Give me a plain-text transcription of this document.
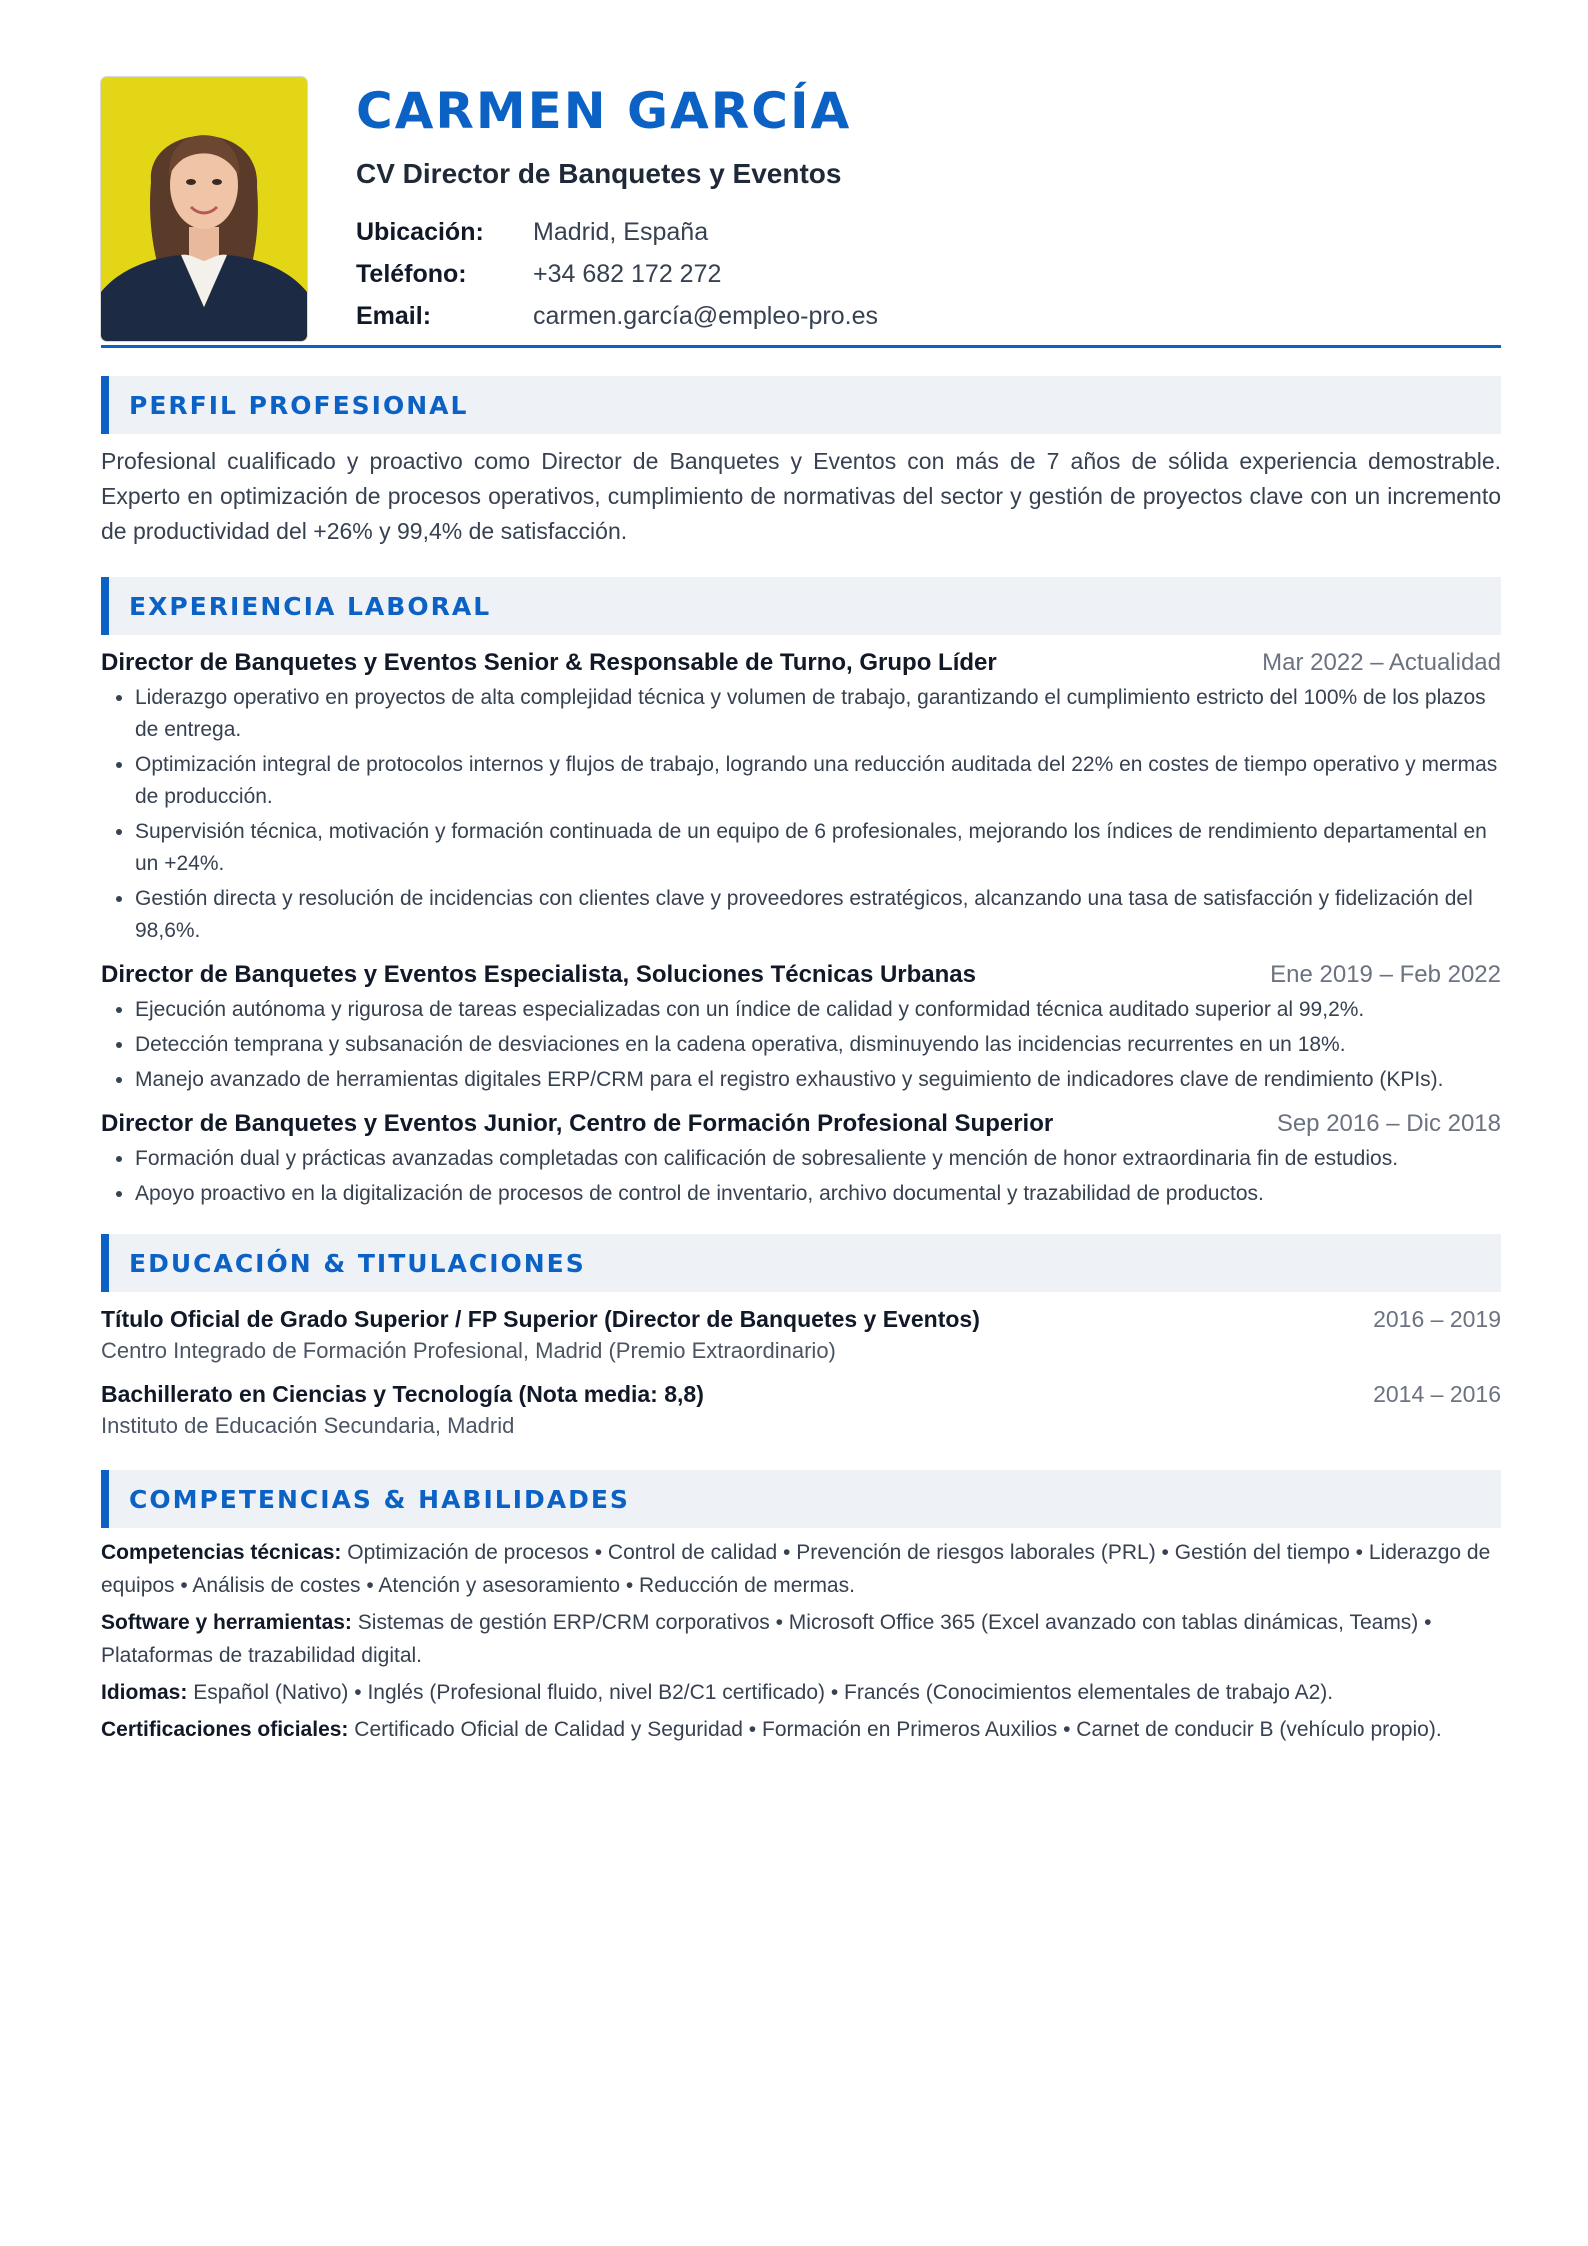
CARMEN GARCÍA
CV Director de Banquetes y Eventos
Ubicación:	Madrid, España
Teléfono:	+34 682 172 272
Email:	carmen.garcía@empleo-pro.es
PERFIL PROFESIONAL
Profesional cualificado y proactivo como Director de Banquetes y Eventos con más de 7 años de sólida experiencia demostrable. Experto en optimización de procesos operativos, cumplimiento de normativas del sector y gestión de proyectos clave con un incremento de productividad del +26% y 99,4% de satisfacción.
EXPERIENCIA LABORAL
Director de Banquetes y Eventos Senior & Responsable de Turno, Grupo Líder	Mar 2022 – Actualidad
• Liderazgo operativo en proyectos de alta complejidad técnica y volumen de trabajo, garantizando el cumplimiento estricto del 100% de los plazos de entrega.
• Optimización integral de protocolos internos y flujos de trabajo, logrando una reducción auditada del 22% en costes de tiempo operativo y mermas de producción.
• Supervisión técnica, motivación y formación continuada de un equipo de 6 profesionales, mejorando los índices de rendimiento departamental en un +24%.
• Gestión directa y resolución de incidencias con clientes clave y proveedores estratégicos, alcanzando una tasa de satisfacción y fidelización del 98,6%.
Director de Banquetes y Eventos Especialista, Soluciones Técnicas Urbanas	Ene 2019 – Feb 2022
• Ejecución autónoma y rigurosa de tareas especializadas con un índice de calidad y conformidad técnica auditado superior al 99,2%.
• Detección temprana y subsanación de desviaciones en la cadena operativa, disminuyendo las incidencias recurrentes en un 18%.
• Manejo avanzado de herramientas digitales ERP/CRM para el registro exhaustivo y seguimiento de indicadores clave de rendimiento (KPIs).
Director de Banquetes y Eventos Junior, Centro de Formación Profesional Superior	Sep 2016 – Dic 2018
• Formación dual y prácticas avanzadas completadas con calificación de sobresaliente y mención de honor extraordinaria fin de estudios.
• Apoyo proactivo en la digitalización de procesos de control de inventario, archivo documental y trazabilidad de productos.
EDUCACIÓN & TITULACIONES
Título Oficial de Grado Superior / FP Superior (Director de Banquetes y Eventos)	2016 – 2019
Centro Integrado de Formación Profesional, Madrid (Premio Extraordinario)
Bachillerato en Ciencias y Tecnología (Nota media: 8,8)	2014 – 2016
Instituto de Educación Secundaria, Madrid
COMPETENCIAS & HABILIDADES
Competencias técnicas: Optimización de procesos • Control de calidad • Prevención de riesgos laborales (PRL) • Gestión del tiempo • Liderazgo de equipos • Análisis de costes • Atención y asesoramiento • Reducción de mermas.
Software y herramientas: Sistemas de gestión ERP/CRM corporativos • Microsoft Office 365 (Excel avanzado con tablas dinámicas, Teams) • Plataformas de trazabilidad digital.
Idiomas: Español (Nativo) • Inglés (Profesional fluido, nivel B2/C1 certificado) • Francés (Conocimientos elementales de trabajo A2).
Certificaciones oficiales: Certificado Oficial de Calidad y Seguridad • Formación en Primeros Auxilios • Carnet de conducir B (vehículo propio).
